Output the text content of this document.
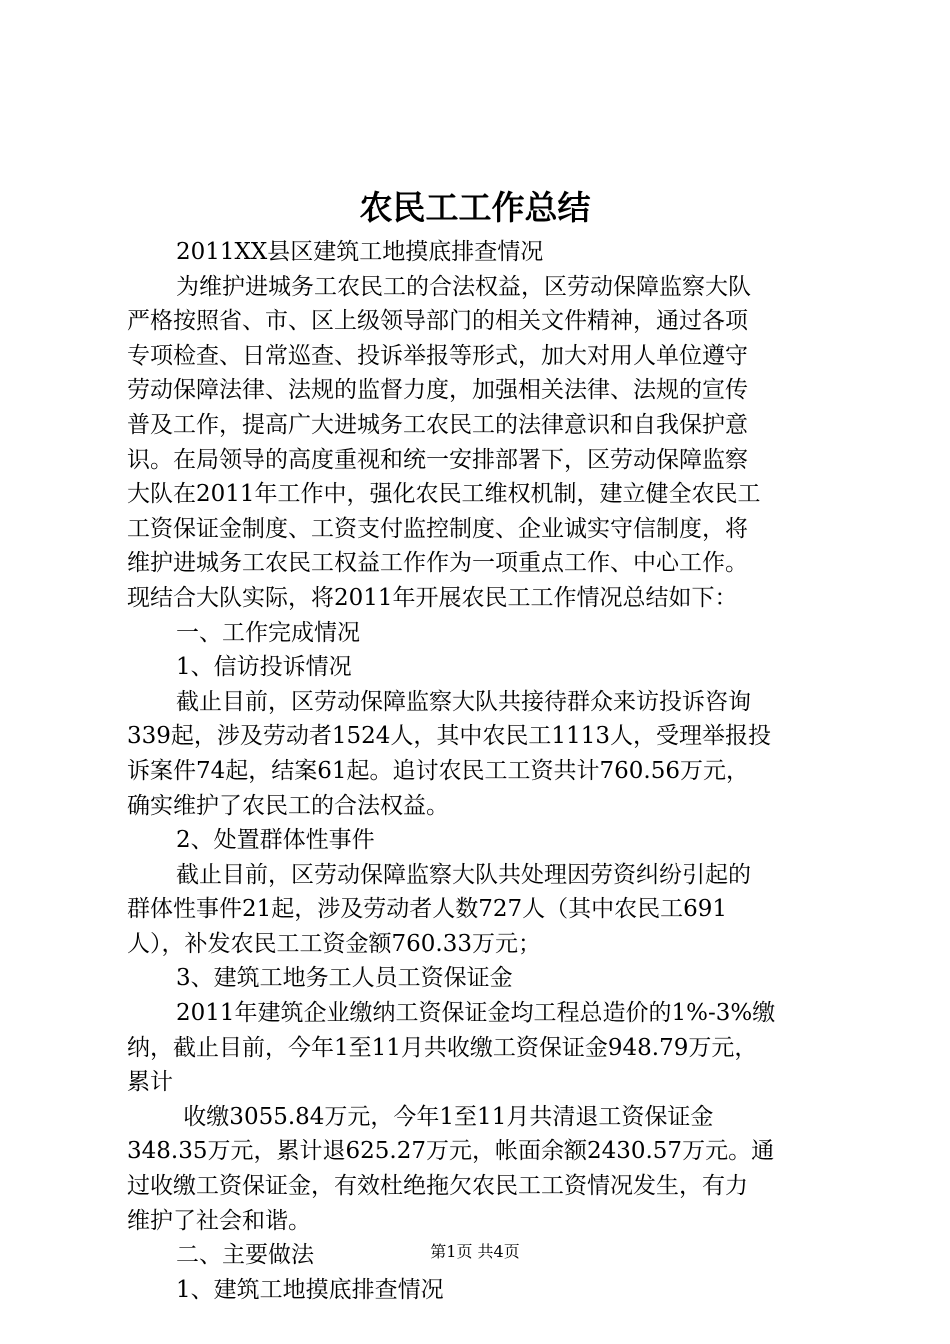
农民工工作总结
2011XX县区建筑工地摸底排查情况
为维护进城务工农民工的合法权益，区劳动保障监察大队
严格按照省、市、区上级领导部门的相关文件精神，通过各项
专项检查、日常巡查、投诉举报等形式，加大对用人单位遵守
劳动保障法律、法规的监督力度，加强相关法律、法规的宣传
普及工作，提高广大进城务工农民工的法律意识和自我保护意
识。在局领导的高度重视和统一安排部署下，区劳动保障监察
大队在2011年工作中，强化农民工维权机制，建立健全农民工
工资保证金制度、工资支付监控制度、企业诚实守信制度，将
维护进城务工农民工权益工作作为一项重点工作、中心工作。
现结合大队实际，将2011年开展农民工工作情况总结如下：
一、工作完成情况
1、信访投诉情况
截止目前，区劳动保障监察大队共接待群众来访投诉咨询
339起，涉及劳动者1524人，其中农民工1113人，受理举报投
诉案件74起，结案61起。追讨农民工工资共计760.56万元，
确实维护了农民工的合法权益。
2、处置群体性事件
截止目前，区劳动保障监察大队共处理因劳资纠纷引起的
群体性事件21起，涉及劳动者人数727人（其中农民工691
人），补发农民工工资金额760.33万元；
3、建筑工地务工人员工资保证金
2011年建筑企业缴纳工资保证金均工程总造价的1%-3%缴
纳，截止目前，今年1至11月共收缴工资保证金948.79万元，
累计
收缴3055.84万元，今年1至11月共清退工资保证金
348.35万元，累计退625.27万元，帐面余额2430.57万元。通
过收缴工资保证金，有效杜绝拖欠农民工工资情况发生，有力
维护了社会和谐。
二、主要做法
1、建筑工地摸底排查情况
第1页 共4页
